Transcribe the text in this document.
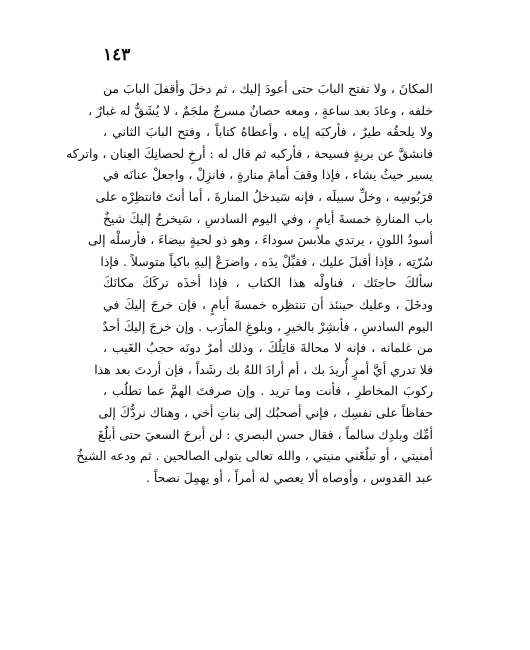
١٤٣
المكانَ ، ولا تفتح البابَ حتى أعودَ إليك ، ثم دخلَ وأقفلَ البابَ من
خلفه ، وعادَ بعد ساعةٍ ، ومعه حصانٌ مسرجٌ ملجَمٌ ، لا يُشَقُّ له غبارٌ ،
ولا يلحقُه طيرٌ ، فأركبَه إياه ، وأعطاهُ كتاباً ، وفتح البابَ الثاني ،
فانشقَّ عن بريةٍ فسيحة ، فأركبه ثم قال له : أرخِ لحصانِكَ العِنان ، واتركه
يسير حيثُ يشاء ، فإذا وقفَ أمامَ منارةٍ ، فانزِلْ ، واجعلْ عنانَه في
قرَبُوسِه ، وخلِّ سبيلَه ، فإنه سَيدخلُ المنارةَ ، أما أنتَ فانتظِرْه على
باب المنارةِ خمسةَ أيامٍ ، وفي اليوم السادسِ ، سَيخرجُ إليكَ شيخٌ
أسودُ اللونِ ، يرتدي ملابسَ سوداءَ ، وهو ذو لحيةٍ بيضاءَ ، فأرسلْه إلى
سُرّتِه ، فإذا أقبلَ عليك ، فقبِّلْ يدَه ، واضرَعْ إليهِ باكياً متوسلاً . فإذا
سألكَ حاجتَك ، فناولْه هذا الكتاب ، فإذا أخذَه تركَكَ مكانَكَ
ودخَلَ ، وعليك حينئذ أن تنتظِره خمسةَ أيامٍ ، فإن خرجَ إليكَ في
اليوم السادسِ ، فأبشِرْ بالخيرِ ، وبلوغِ المأرَب . وإن خرجَ إليكَ أحدٌ
من غلمانه ، فإنه لا محالةَ قاتِلُكَ ، وذلك أمرٌ دونَه حجبُ الغَيب ،
فلا تدري أيَّ أمرٍ أُريدَ بك ، أم أرادَ اللهُ بك رشَداً ، فإن أردتَ بعد هذا
ركوبَ المخاطرِ ، فأنت وما تريد . وإن صرفتَ الهمَّ عما تطلُب ،
حفاظاً على نفسِك ، فإني أصحبُك إلى بناتِ أخي ، وهناك نردُّكَ إلى
أمِّك وبلدِك سالماً ، فقال حسن البصري : لن أبرحَ السعيَ حتى أبلُغَ
أمنيتي ، أو تبلُغَني منيتي ، والله تعالى يتولى الصالحين . ثم ودعه الشيخُ
عبد القدوس ، وأوصاه ألا يعصي له أمراً ، أو يهمِلَ نصحاً .
